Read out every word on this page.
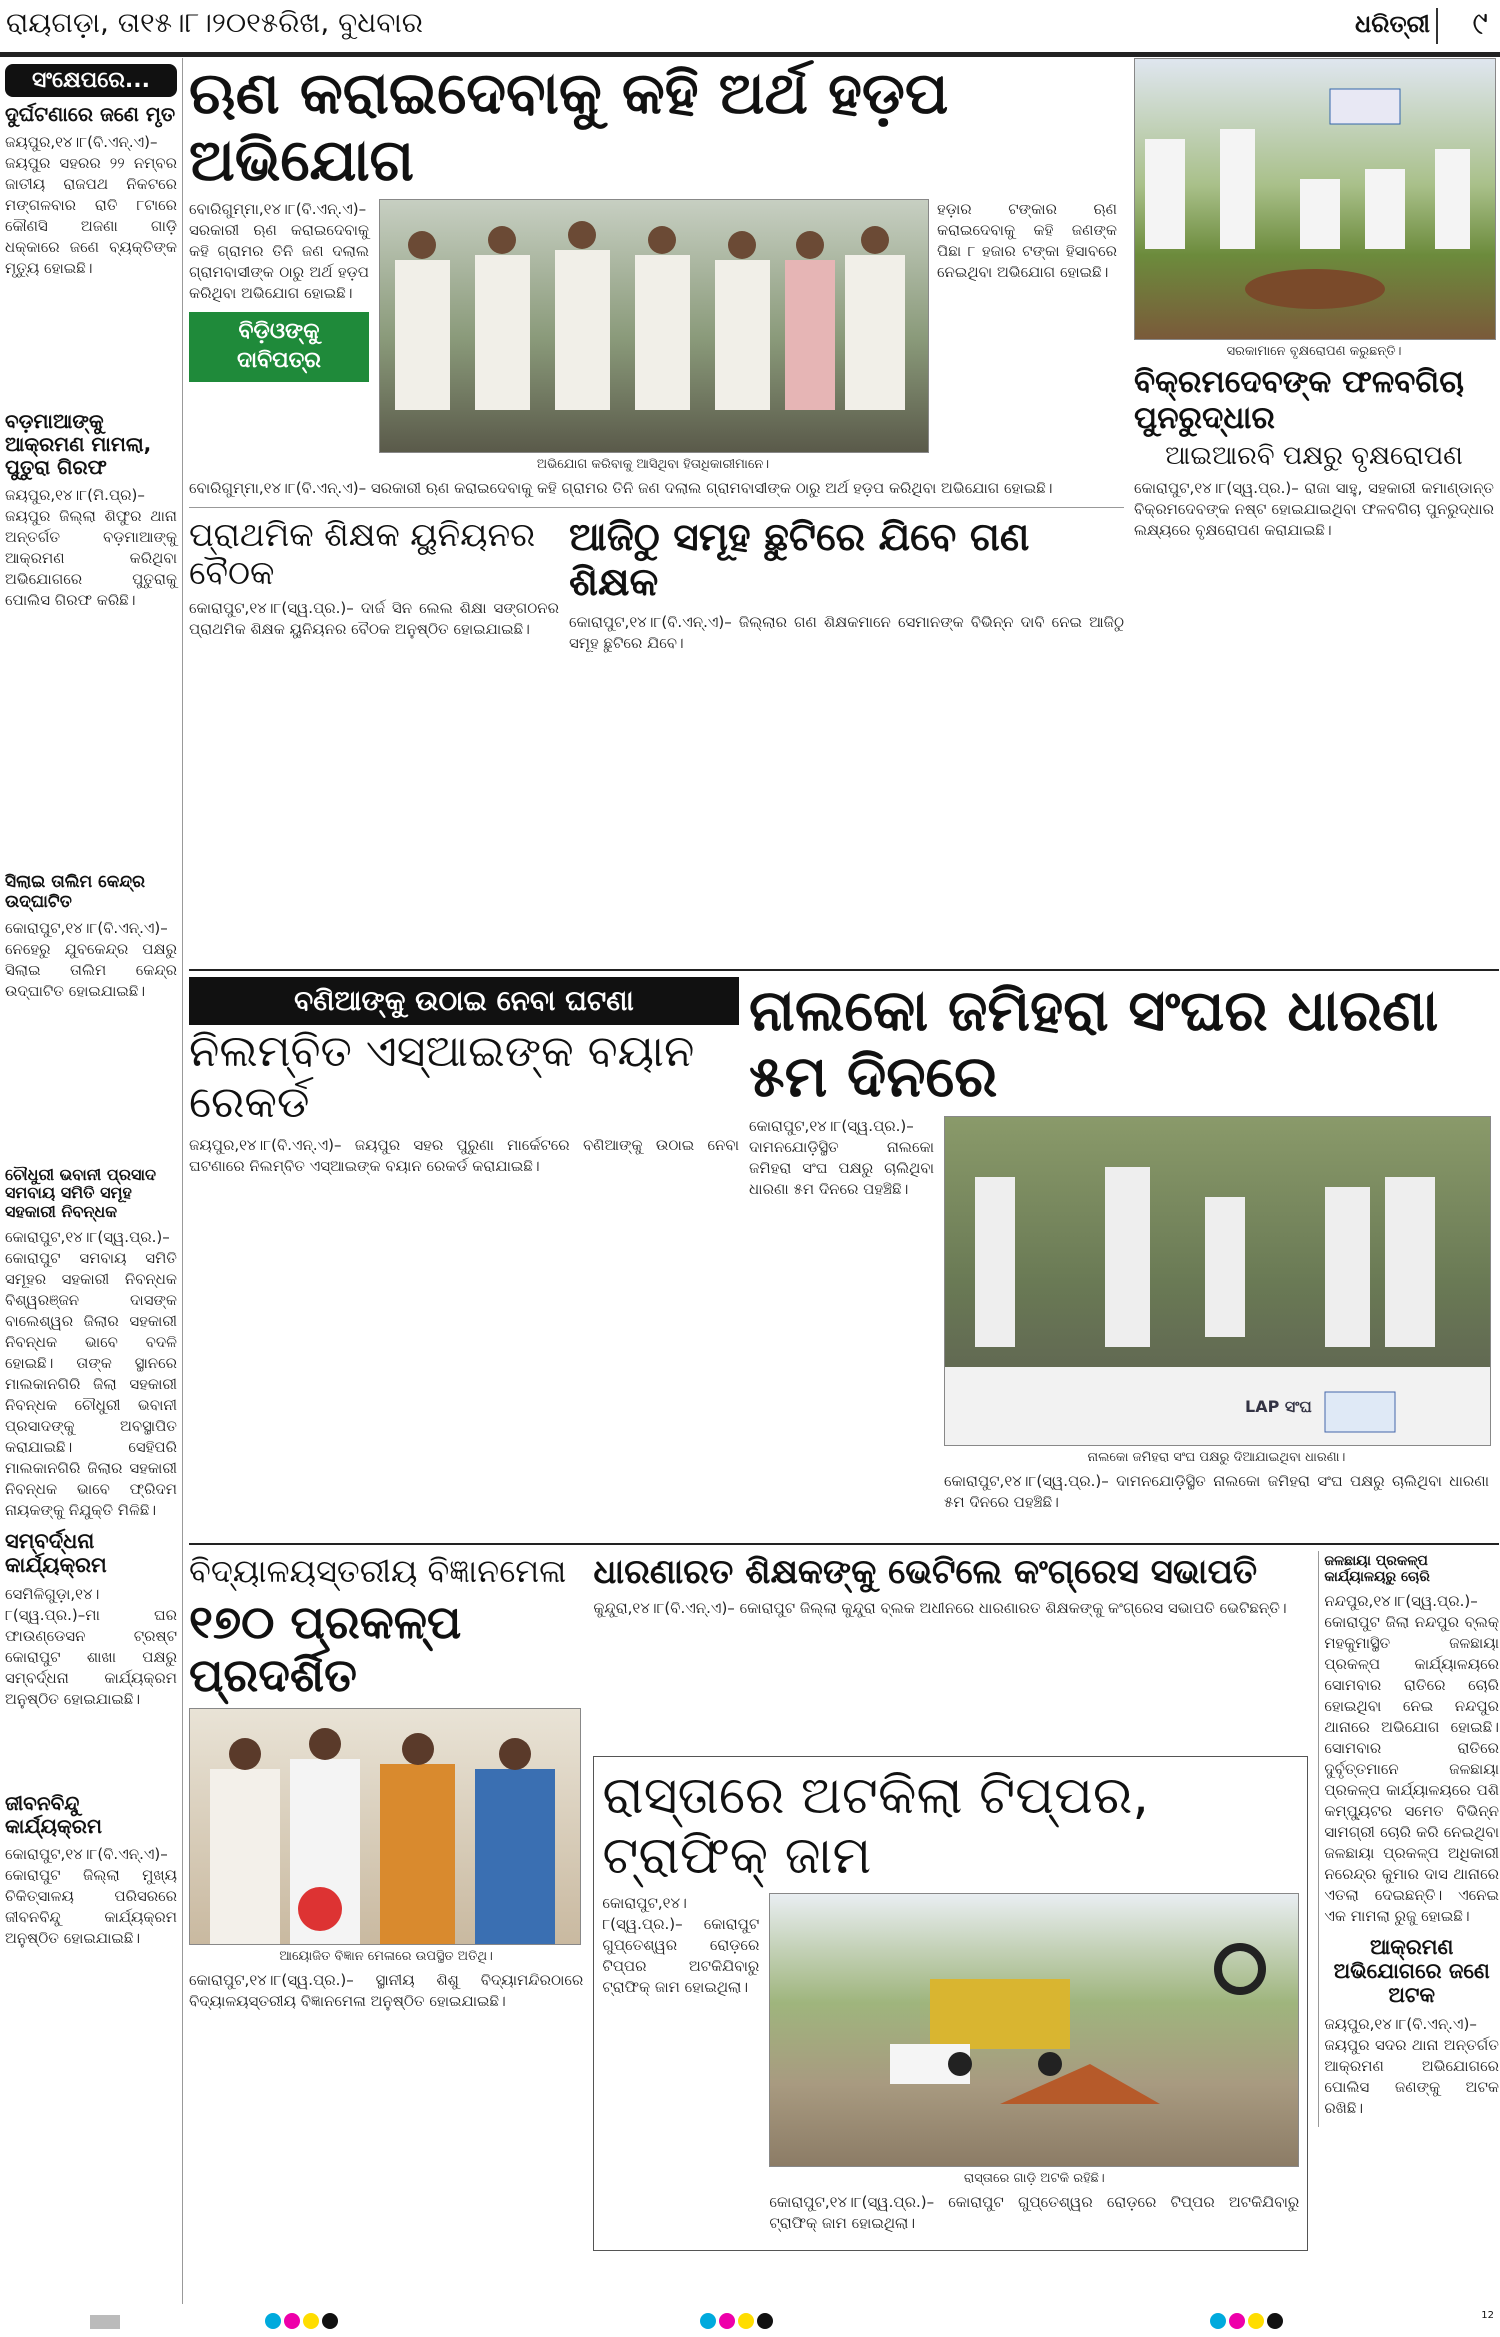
ରାୟଗଡ଼ା, ତା୧୫।୮।୨୦୧୫ରିଖ, ବୁଧବାର	ଧରିତ୍ରୀ ୯
ସଂକ୍ଷେପରେ...
ଦୁର୍ଘଟଣାରେ ଜଣେ ମୃତ
ଜୟପୁର,୧୪।୮(ବି.ଏନ୍.ଏ)– ଜୟପୁର ସହରର ୨୨ ନମ୍ବର ଜାତୀୟ ରାଜପଥ ନିକଟରେ ମଙ୍ଗଳବାର ରାତି ୮ଟାରେ କୌଣସି ଅଜଣା ଗାଡ଼ି ଧକ୍କାରେ ଜଣେ ବ୍ୟକ୍ତିଙ୍କ ମୃତ୍ୟୁ ହୋଇଛି।
ବଡ଼ମାଆଙ୍କୁ ଆକ୍ରମଣ ମାମଲା, ପୁତୁରା ଗିରଫ
ଜୟପୁର,୧୪।୮(ମି.ପ୍ର)– ଜୟପୁର ଜିଲ୍ଲା ଶିଫୁର ଥାନା ଅନ୍ତର୍ଗତ ବଡ଼ମାଆଙ୍କୁ ଆକ୍ରମଣ କରିଥିବା ଅଭିଯୋଗରେ ପୁତୁରାକୁ ପୋଲିସ ଗିରଫ କରିଛି।
ସିଲାଇ ତାଲିମ କେନ୍ଦ୍ର ଉଦ୍‌ଘାଟିତ
କୋରାପୁଟ,୧୪।୮(ବି.ଏନ୍.ଏ)– ନେହେରୁ ଯୁବକେନ୍ଦ୍ର ପକ୍ଷରୁ ସିଲାଇ ତାଲିମ କେନ୍ଦ୍ର ଉଦ୍‌ଘାଟିତ ହୋଇଯାଇଛି।
ଚୌଧୁରୀ ଭବାନୀ ପ୍ରସାଦ ସମବାୟ ସମିତି ସମୂହ ସହକାରୀ ନିବନ୍ଧକ
କୋରାପୁଟ,୧୪।୮(ସ୍ୱ.ପ୍ର.)– କୋରାପୁଟ ସମବାୟ ସମିତି ସମୂହର ସହକାରୀ ନିବନ୍ଧକ ବିଶ୍ୱରଞ୍ଜନ ଦାସଙ୍କ ବାଲେଶ୍ୱର ଜିଲାର ସହକାରୀ ନିବନ୍ଧକ ଭାବେ ବଦଳି ହୋଇଛି। ତାଙ୍କ ସ୍ଥାନରେ ମାଲକାନଗିରି ଜିଲା ସହକାରୀ ନିବନ୍ଧକ ଚୌଧୁରୀ ଭବାନୀ ପ୍ରସାଦଙ୍କୁ ଅବସ୍ଥାପିତ କରାଯାଇଛି। ସେହିପରି ମାଲକାନଗିରି ଜିଲାର ସହକାରୀ ନିବନ୍ଧକ ଭାବେ ଫ୍ରିଦମ ନାୟକଙ୍କୁ ନିଯୁକ୍ତି ମିଳିଛି।
ସମ୍ବର୍ଦ୍ଧନା କାର୍ଯ୍ୟକ୍ରମ
ସେମିଳିଗୁଡ଼ା,୧୪।୮(ସ୍ୱ.ପ୍ର.)–ମା ଘର ଫାଉଣ୍ଡେସନ ଟ୍ରଷ୍ଟ କୋରାପୁଟ ଶାଖା ପକ୍ଷରୁ ସମ୍ବର୍ଦ୍ଧନା କାର୍ଯ୍ୟକ୍ରମ ଅନୁଷ୍ଠିତ ହୋଇଯାଇଛି।
ଜୀବନବିନ୍ଦୁ କାର୍ଯ୍ୟକ୍ରମ
କୋରାପୁଟ,୧୪।୮(ବି.ଏନ୍.ଏ)– କୋରାପୁଟ ଜିଲ୍ଲା ମୁଖ୍ୟ ଚିକିତ୍ସାଳୟ ପରିସରରେ ଜୀବନବିନ୍ଦୁ କାର୍ଯ୍ୟକ୍ରମ ଅନୁଷ୍ଠିତ ହୋଇଯାଇଛି।
ଋଣ କରାଇଦେବାକୁ କହି ଅର୍ଥ ହଡ଼ପ ଅଭିଯୋଗ
ବୋରିଗୁମ୍ମା,୧୪।୮(ବି.ଏନ୍.ଏ)– ସରକାରୀ ଋଣ କରାଇଦେବାକୁ କହି ଗ୍ରାମର ତିନି ଜଣ ଦଲାଲ ଗ୍ରାମବାସୀଙ୍କ ଠାରୁ ଅର୍ଥ ହଡ଼ପ କରିଥିବା ଅଭିଯୋଗ ହୋଇଛି।
ବିଡ଼ିଓଙ୍କୁ ଦାବିପତ୍ର
ଅଭିଯୋଗ କରିବାକୁ ଆସିଥିବା ହିତାଧିକାରୀମାନେ।
ହଡ଼ାର ଟଙ୍କାର ଋଣ କରାଇଦେବାକୁ କହି ଜଣଙ୍କ ପିଛା ୮ ହଜାର ଟଙ୍କା ହିସାବରେ ନେଇଥିବା ଅଭିଯୋଗ ହୋଇଛି।
ବୋରିଗୁମ୍ମା,୧୪।୮(ବି.ଏନ୍.ଏ)– ସରକାରୀ ଋଣ କରାଇଦେବାକୁ କହି ଗ୍ରାମର ତିନି ଜଣ ଦଲାଲ ଗ୍ରାମବାସୀଙ୍କ ଠାରୁ ଅର୍ଥ ହଡ଼ପ କରିଥିବା ଅଭିଯୋଗ ହୋଇଛି।
ପ୍ରାଥମିକ ଶିକ୍ଷକ ୟୁନିୟନର ବୈଠକ
କୋରାପୁଟ,୧୪।୮(ସ୍ୱ.ପ୍ର.)– ଦାର୍ଜ ସିନ ଲେଲ ଶିକ୍ଷା ସଙ୍ଗଠନର ପ୍ରାଥମିକ ଶିକ୍ଷକ ୟୁନିୟନର ବୈଠକ ଅନୁଷ୍ଠିତ ହୋଇଯାଇଛି।
ଆଜିଠୁ ସମୂହ ଛୁଟିରେ ଯିବେ ଗଣ ଶିକ୍ଷକ
କୋରାପୁଟ,୧୪।୮(ବି.ଏନ୍.ଏ)– ଜିଲ୍ଲାର ଗଣ ଶିକ୍ଷକମାନେ ସେମାନଙ୍କ ବିଭିନ୍ନ ଦାବି ନେଇ ଆଜିଠୁ ସମୂହ ଛୁଟିରେ ଯିବେ।
ସରକାମାନେ ବୃକ୍ଷରୋପଣ କରୁଛନ୍ତି।
ବିକ୍ରମଦେବଙ୍କ ଫଳବଗିଚା ପୁନରୁଦ୍ଧାର
ଆଇଆରବି ପକ୍ଷରୁ ବୃକ୍ଷରୋପଣ
କୋରାପୁଟ,୧୪।୮(ସ୍ୱ.ପ୍ର.)– ରାଜା ସାହୁ, ସହକାରୀ କମାଣ୍ଡାନ୍ତ ବିକ୍ରମଦେବଙ୍କ ନଷ୍ଟ ହୋଇଯାଇଥିବା ଫଳବଗିଚା ପୁନରୁଦ୍ଧାର ଲକ୍ଷ୍ୟରେ ବୃକ୍ଷରୋପଣ କରାଯାଇଛି।
ବଣିଆଙ୍କୁ ଉଠାଇ ନେବା ଘଟଣା
ନିଲମ୍ବିତ ଏସ୍ଆଇଙ୍କ ବୟାନ ରେକର୍ଡ
ଜୟପୁର,୧୪।୮(ବି.ଏନ୍.ଏ)– ଜୟପୁର ସହର ପୁରୁଣା ମାର୍କେଟରେ ବଣିଆଙ୍କୁ ଉଠାଇ ନେବା ଘଟଣାରେ ନିଲମ୍ବିତ ଏସ୍ଆଇଙ୍କ ବୟାନ ରେକର୍ଡ କରାଯାଇଛି।
ନାଲକୋ ଜମିହରା ସଂଘର ଧାରଣା ୫ମ ଦିନରେ
କୋରାପୁଟ,୧୪।୮(ସ୍ୱ.ପ୍ର.)– ଦାମନଯୋଡ଼ିସ୍ଥିତ ନାଲକୋ ଜମିହରା ସଂଘ ପକ୍ଷରୁ ଚାଲିଥିବା ଧାରଣା ୫ମ ଦିନରେ ପହଞ୍ଚିଛି।
LAP ସଂଘ
ନାଲକୋ ଜମିହରା ସଂଘ ପକ୍ଷରୁ ଦିଆଯାଇଥିବା ଧାରଣା।
କୋରାପୁଟ,୧୪।୮(ସ୍ୱ.ପ୍ର.)– ଦାମନଯୋଡ଼ିସ୍ଥିତ ନାଲକୋ ଜମିହରା ସଂଘ ପକ୍ଷରୁ ଚାଲିଥିବା ଧାରଣା ୫ମ ଦିନରେ ପହଞ୍ଚିଛି।
ବିଦ୍ୟାଳୟସ୍ତରୀୟ ବିଜ୍ଞାନମେଳା
୧୭୦ ପ୍ରକଳ୍ପ ପ୍ରଦର୍ଶିତ
ଆୟୋଜିତ ବିଜ୍ଞାନ ମେଳାରେ ଉପସ୍ଥିତ ଅତିଥି।
କୋରାପୁଟ,୧୪।୮(ସ୍ୱ.ପ୍ର.)– ସ୍ଥାନୀୟ ଶିଶୁ ବିଦ୍ୟାମନ୍ଦିରଠାରେ ବିଦ୍ୟାଳୟସ୍ତରୀୟ ବିଜ୍ଞାନମେଳା ଅନୁଷ୍ଠିତ ହୋଇଯାଇଛି।
ଧାରଣାରତ ଶିକ୍ଷକଙ୍କୁ ଭେଟିଲେ କଂଗ୍ରେସ ସଭାପତି
କୁନ୍ଦୁରା,୧୪।୮(ବି.ଏନ୍.ଏ)– କୋରାପୁଟ ଜିଲ୍ଲା କୁନ୍ଦୁରା ବ୍ଲକ ଅଧୀନରେ ଧାରଣାରତ ଶିକ୍ଷକଙ୍କୁ କଂଗ୍ରେସ ସଭାପତି ଭେଟିଛନ୍ତି।
ରାସ୍ତାରେ ଅଟକିଲା ଟିପ୍ପର, ଟ୍ରାଫିକ୍ ଜାମ
କୋରାପୁଟ,୧୪।୮(ସ୍ୱ.ପ୍ର.)– କୋରାପୁଟ ଗୁପ୍ତେଶ୍ୱର ରୋଡ଼ରେ ଟିପ୍ପର ଅଟକିଯିବାରୁ ଟ୍ରାଫିକ୍ ଜାମ ହୋଇଥିଲା।
ରାସ୍ତାରେ ଗାଡ଼ି ଅଟକି ରହିଛି।
କୋରାପୁଟ,୧୪।୮(ସ୍ୱ.ପ୍ର.)– କୋରାପୁଟ ଗୁପ୍ତେଶ୍ୱର ରୋଡ଼ରେ ଟିପ୍ପର ଅଟକିଯିବାରୁ ଟ୍ରାଫିକ୍ ଜାମ ହୋଇଥିଲା।
ଜଳଛାୟା ପ୍ରକଳ୍ପ କାର୍ଯ୍ୟାଳୟରୁ ଚୋରି
ନନ୍ଦପୁର,୧୪।୮(ସ୍ୱ.ପ୍ର.)– କୋରାପୁଟ ଜିଲା ନନ୍ଦପୁର ବ୍ଲକ୍ ମହକୁମାସ୍ଥିତ ଜଳଛାୟା ପ୍ରକଳ୍ପ କାର୍ଯ୍ୟାଳୟରେ ସୋମବାର ରାତିରେ ଚୋରି ହୋଇଥିବା ନେଇ ନନ୍ଦପୁର ଥାନାରେ ଅଭିଯୋଗ ହୋଇଛି। ସୋମବାର ରାତିରେ ଦୁର୍ବୃତ୍ତମାନେ ଜଳଛାୟା ପ୍ରକଳ୍ପ କାର୍ଯ୍ୟାଳୟରେ ପଶି କମ୍ପ୍ୟୁଟର ସମେତ ବିଭିନ୍ନ ସାମଗ୍ରୀ ଚୋରି କରି ନେଇଥିବା ଜଳଛାୟା ପ୍ରକଳ୍ପ ଅଧିକାରୀ ନରେନ୍ଦ୍ର କୁମାର ଦାସ ଥାନାରେ ଏତଲା ଦେଇଛନ୍ତି। ଏନେଇ ଏକ ମାମଲା ରୁଜୁ ହୋଇଛି।
ଆକ୍ରମଣ ଅଭିଯୋଗରେ ଜଣେ ଅଟକ
ଜୟପୁର,୧୪।୮(ବି.ଏନ୍.ଏ)– ଜୟପୁର ସଦର ଥାନା ଅନ୍ତର୍ଗତ ଆକ୍ରମଣ ଅଭିଯୋଗରେ ପୋଲିସ ଜଣଙ୍କୁ ଅଟକ ରଖିଛି।
12
